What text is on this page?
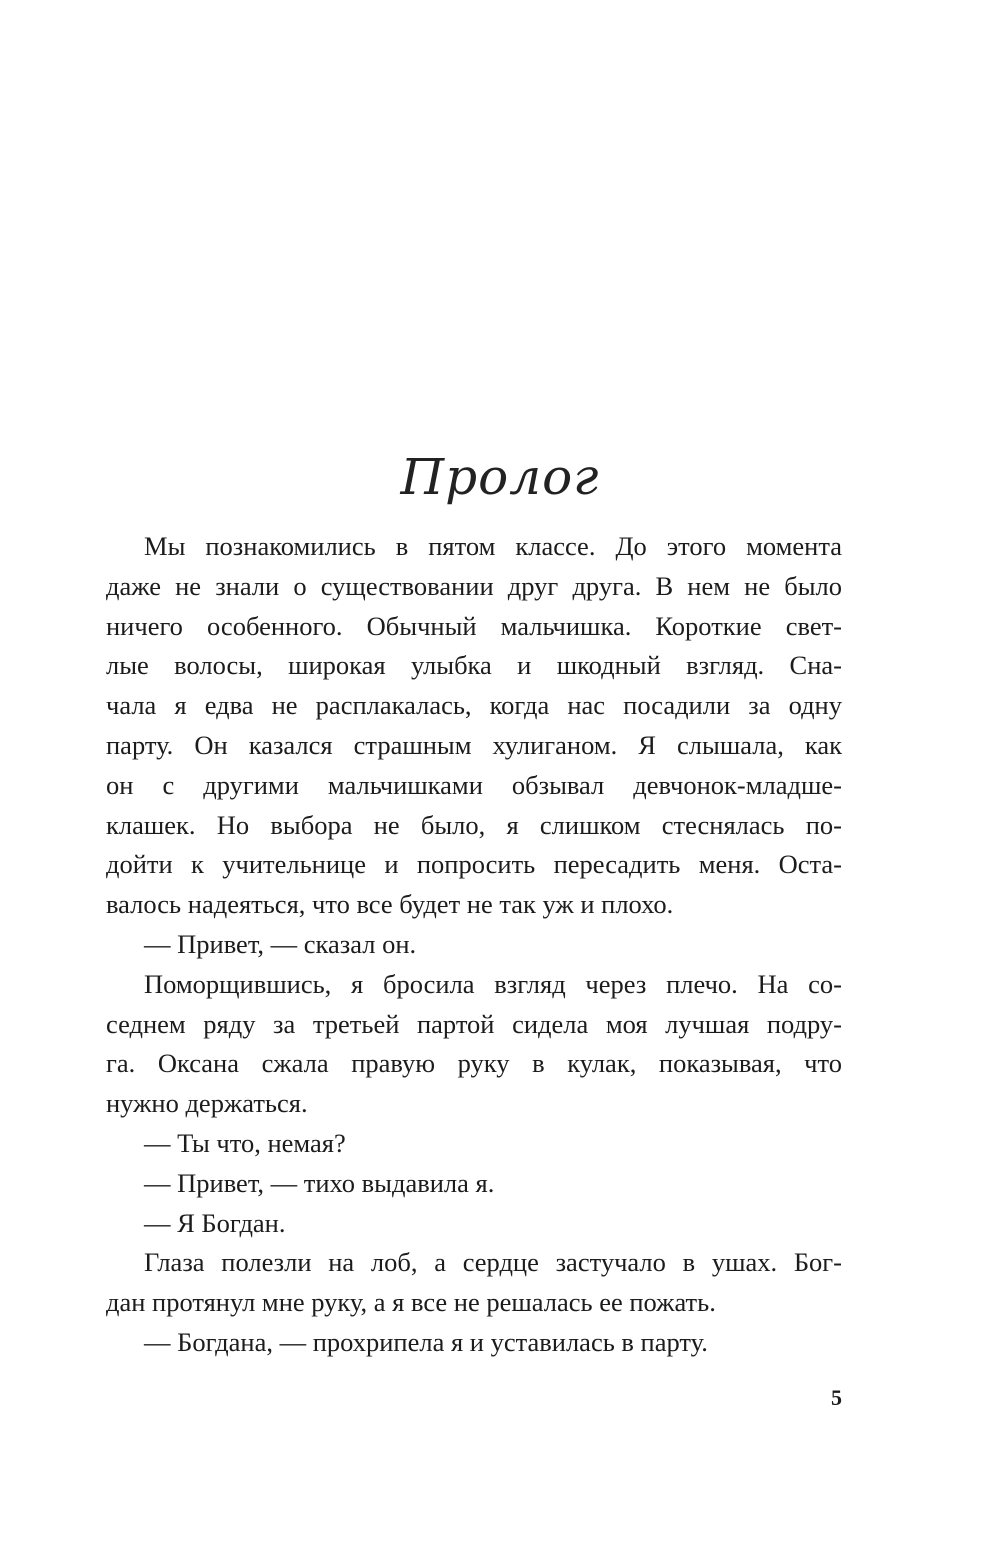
Пролог
Мы познакомились в пятом классе. До этого момента
даже не знали о существовании друг друга. В нем не было
ничего особенного. Обычный мальчишка. Короткие свет-
лые волосы, широкая улыбка и шкодный взгляд. Сна-
чала я едва не расплакалась, когда нас посадили за одну
парту. Он казался страшным хулиганом. Я слышала, как
он с другими мальчишками обзывал девчонок-младше-
клашек. Но выбора не было, я слишком стеснялась по-
дойти к учительнице и попросить пересадить меня. Оста-
валось надеяться, что все будет не так уж и плохо.
— Привет, — сказал он.
Поморщившись, я бросила взгляд через плечо. На со-
седнем ряду за третьей партой сидела моя лучшая подру-
га. Оксана сжала правую руку в кулак, показывая, что
нужно держаться.
— Ты что, немая?
— Привет, — тихо выдавила я.
— Я Богдан.
Глаза полезли на лоб, а сердце застучало в ушах. Бог-
дан протянул мне руку, а я все не решалась ее пожать.
— Богдана, — прохрипела я и уставилась в парту.
5
